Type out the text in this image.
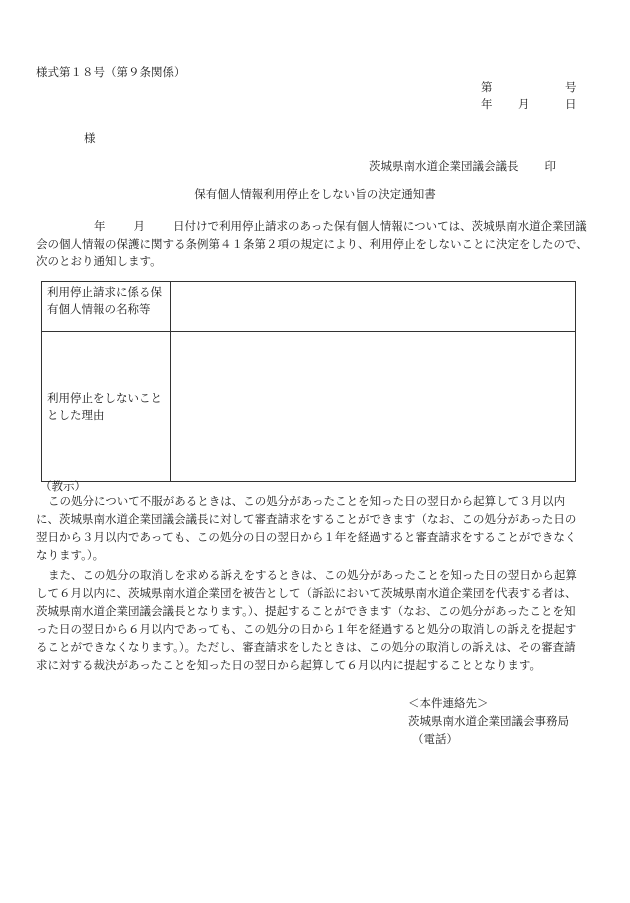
様式第１８号（第９条関係）
第	号
年 月	日
様
茨城県南水道企業団議会議長 印
保有個人情報利用停止をしない旨の決定通知書
年 月 日付けで利用停止請求のあった保有個人情報については、茨城県南水道企業団議会の個人情報の保護に関する条例第４１条第２項の規定により、利用停止をしないことに決定をしたので、次のとおり通知します。
利用停止請求に係る保有個人情報の名称等	
利用停止をしないこととした理由	
（教示）
この処分について不服があるときは、この処分があったことを知った日の翌日から起算して３月以内に、茨城県南水道企業団議会議長に対して審査請求をすることができます（なお、この処分があった日の翌日から３月以内であっても、この処分の日の翌日から１年を経過すると審査請求をすることができなくなります。）。
また、この処分の取消しを求める訴えをするときは、この処分があったことを知った日の翌日から起算して６月以内に、茨城県南水道企業団を被告として（訴訟において茨城県南水道企業団を代表する者は、茨城県南水道企業団議会議長となります。）、提起することができます（なお、この処分があったことを知った日の翌日から６月以内であっても、この処分の日から１年を経過すると処分の取消しの訴えを提起することができなくなります。）。ただし、審査請求をしたときは、この処分の取消しの訴えは、その審査請求に対する裁決があったことを知った日の翌日から起算して６月以内に提起することとなります。
＜本件連絡先＞
茨城県南水道企業団議会事務局
（電話）
